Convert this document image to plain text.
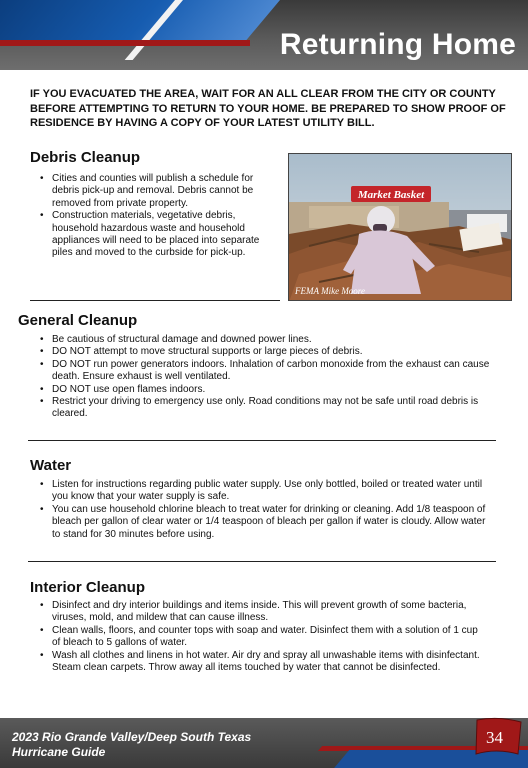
Returning Home

IF YOU EVACUATED THE AREA, WAIT FOR AN ALL CLEAR FROM THE CITY OR COUNTY BEFORE ATTEMPTING TO RETURN TO YOUR HOME. BE PREPARED TO SHOW PROOF OF RESIDENCE BY HAVING A COPY OF YOUR LATEST UTILITY BILL.

Debris Cleanup
• Cities and counties will publish a schedule for debris pick-up and removal. Debris cannot be removed from private property.
• Construction materials, vegetative debris, household hazardous waste and household appliances will need to be placed into separate piles and moved to the curbside for pick-up.
Market Basket
FEMA Mike Moore
General Cleanup
• Be cautious of structural damage and downed power lines.
• DO NOT attempt to move structural supports or large pieces of debris.
• DO NOT run power generators indoors. Inhalation of carbon monoxide from the exhaust can cause death. Ensure exhaust is well ventilated.
• DO NOT use open flames indoors.
• Restrict your driving to emergency use only. Road conditions may not be safe until road debris is cleared.
Water
• Listen for instructions regarding public water supply. Use only bottled, boiled or treated water until you know that your water supply is safe.
• You can use household chlorine bleach to treat water for drinking or cleaning. Add 1/8 teaspoon of bleach per gallon of clear water or 1/4 teaspoon of bleach per gallon if water is cloudy. Allow water to stand for 30 minutes before using.
Interior Cleanup
• Disinfect and dry interior buildings and items inside. This will prevent growth of some bacteria, viruses, mold, and mildew that can cause illness.
• Clean walls, floors, and counter tops with soap and water. Disinfect them with a solution of 1 cup of bleach to 5 gallons of water.
• Wash all clothes and linens in hot water. Air dry and spray all unwashable items with disinfectant. Steam clean carpets. Throw away all items touched by water that cannot be disinfected.
2023 Rio Grande Valley/Deep South Texas
Hurricane Guide
34
